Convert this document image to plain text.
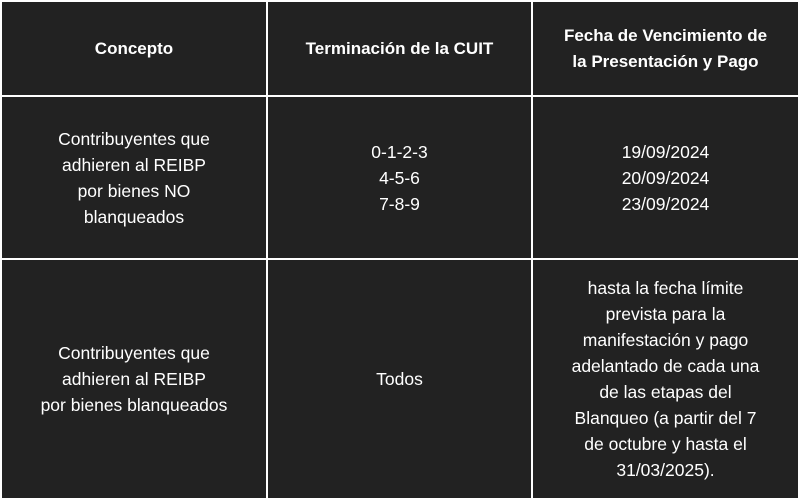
Concepto	Terminación de la CUIT
Fecha de Vencimiento de
la Presentación y Pago
Contribuyentes que
adhieren al REIBP
por bienes NO
blanqueados
0-1-2-3
4-5-6
7-8-9
19/09/2024
20/09/2024
23/09/2024
Contribuyentes que
adhieren al REIBP
por bienes blanqueados
Todos
hasta la fecha límite
prevista para la
manifestación y pago
adelantado de cada una
de las etapas del
Blanqueo (a partir del 7
de octubre y hasta el
31/03/2025).
